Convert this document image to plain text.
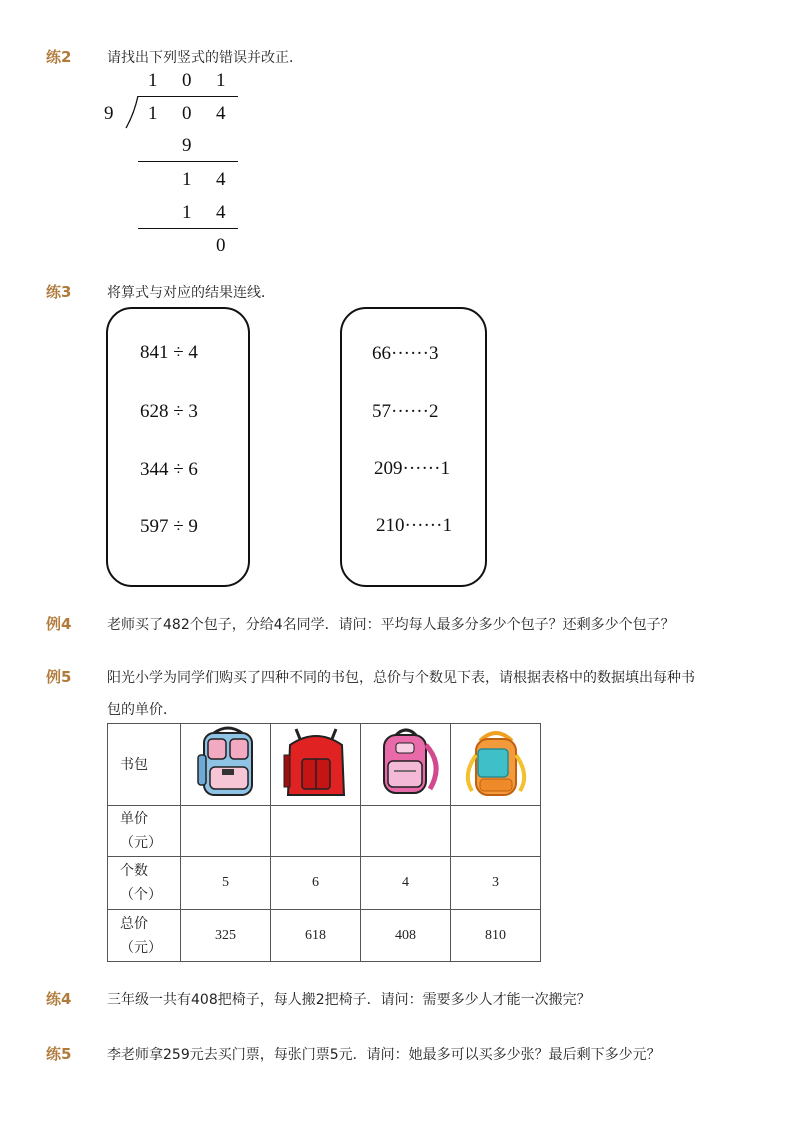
练2	请找出下列竖式的错误并改正．
1 0 1
9 1 0 4
9
1 4
1 4
0
练3	将算式与对应的结果连线．
841 ÷ 4
628 ÷ 3
344 ÷ 6
597 ÷ 9
66······3
57······2
209······1
210······1
例4	老师买了482个包子，分给4名同学．请问：平均每人最多分多少个包子？还剩多少个包子？
例5	阳光小学为同学们购买了四种不同的书包，总价与个数见下表，请根据表格中的数据填出每种书
包的单价．
书包				

单价
（元）				

个数
（个）	5	6	4	3

总价
（元）	325	618	408	810
练4	三年级一共有408把椅子，每人搬2把椅子．请问：需要多少人才能一次搬完？
练5	李老师拿259元去买门票，每张门票5元．请问：她最多可以买多少张？最后剩下多少元？
